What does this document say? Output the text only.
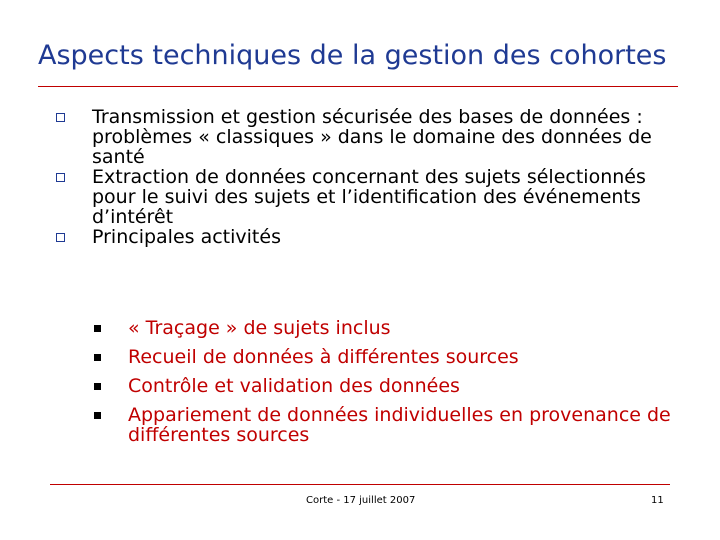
Aspects techniques de la gestion des cohortes
Transmission et gestion sécurisée des bases de données : problèmes « classiques » dans le domaine des données de santé
Extraction de données concernant des sujets sélectionnés pour le suivi des sujets et l’identification des événements d’intérêt
Principales activités
« Traçage » de sujets inclus
Recueil de données à différentes sources
Contrôle et validation des données
Appariement de données individuelles en provenance de différentes sources
Corte - 17 juillet 2007	11
